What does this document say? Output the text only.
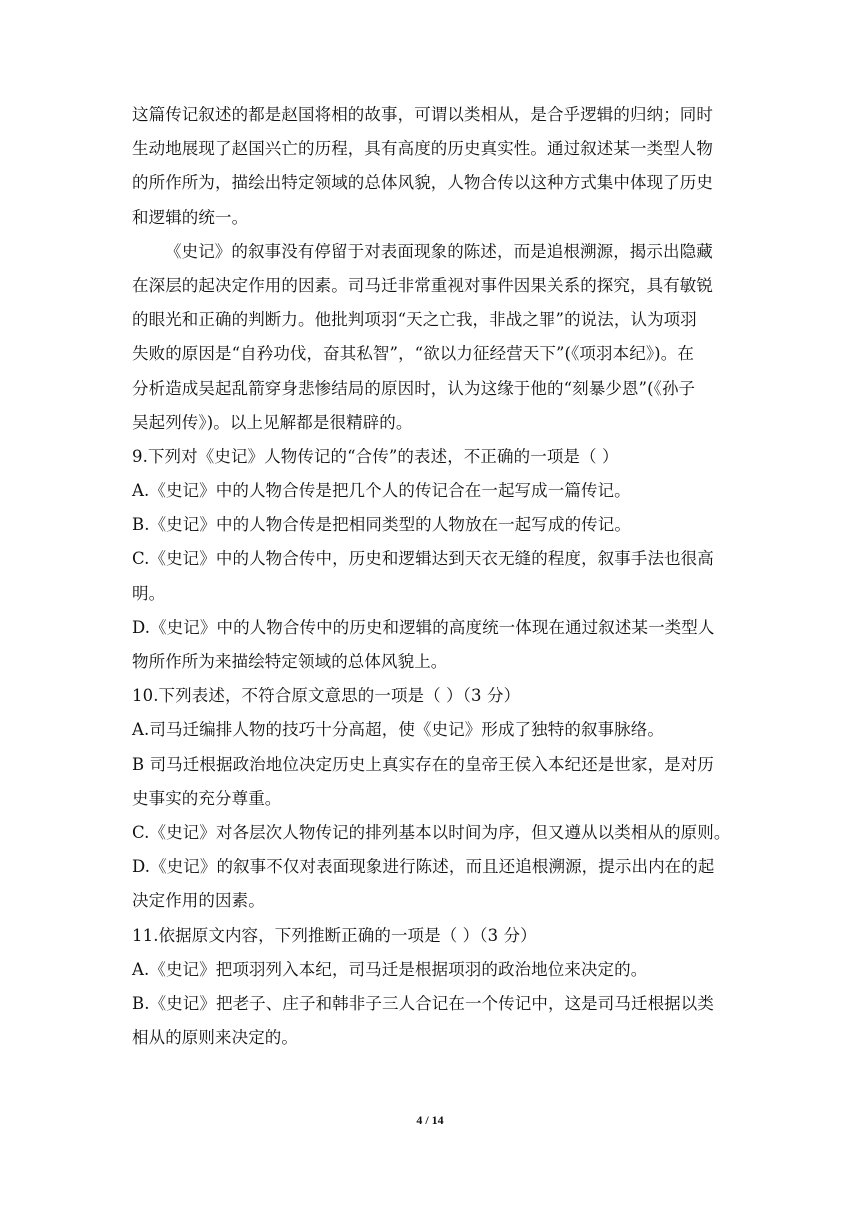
这篇传记叙述的都是赵国将相的故事，可谓以类相从，是合乎逻辑的归纳；同时
生动地展现了赵国兴亡的历程，具有高度的历史真实性。通过叙述某一类型人物
的所作所为，描绘出特定领域的总体风貌，人物合传以这种方式集中体现了历史
和逻辑的统一。
《史记》的叙事没有停留于对表面现象的陈述，而是追根溯源，揭示出隐藏
在深层的起决定作用的因素。司马迁非常重视对事件因果关系的探究，具有敏锐
的眼光和正确的判断力。他批判项羽“天之亡我，非战之罪”的说法，认为项羽
失败的原因是“自矜功伐，奋其私智”，“欲以力征经营天下”(《项羽本纪》)。在
分析造成吴起乱箭穿身悲惨结局的原因时，认为这缘于他的“刻暴少恩”(《孙子
吴起列传》)。以上见解都是很精辟的。
9.下列对《史记》人物传记的“合传”的表述，不正确的一项是（ ）
A.《史记》中的人物合传是把几个人的传记合在一起写成一篇传记。
B.《史记》中的人物合传是把相同类型的人物放在一起写成的传记。
C.《史记》中的人物合传中，历史和逻辑达到天衣无缝的程度，叙事手法也很高
明。
D.《史记》中的人物合传中的历史和逻辑的高度统一体现在通过叙述某一类型人
物所作所为来描绘特定领域的总体风貌上。
10.下列表述，不符合原文意思的一项是（ ）（3 分）
A.司马迁编排人物的技巧十分高超，使《史记》形成了独特的叙事脉络。
B 司马迁根据政治地位决定历史上真实存在的皇帝王侯入本纪还是世家，是对历
史事实的充分尊重。
C.《史记》对各层次人物传记的排列基本以时间为序，但又遵从以类相从的原则。
D.《史记》的叙事不仅对表面现象进行陈述，而且还追根溯源，提示出内在的起
决定作用的因素。
11.依据原文内容，下列推断正确的一项是（ ）（3 分）
A.《史记》把项羽列入本纪，司马迁是根据项羽的政治地位来决定的。
B.《史记》把老子、庄子和韩非子三人合记在一个传记中，这是司马迁根据以类
相从的原则来决定的。
4 / 14
